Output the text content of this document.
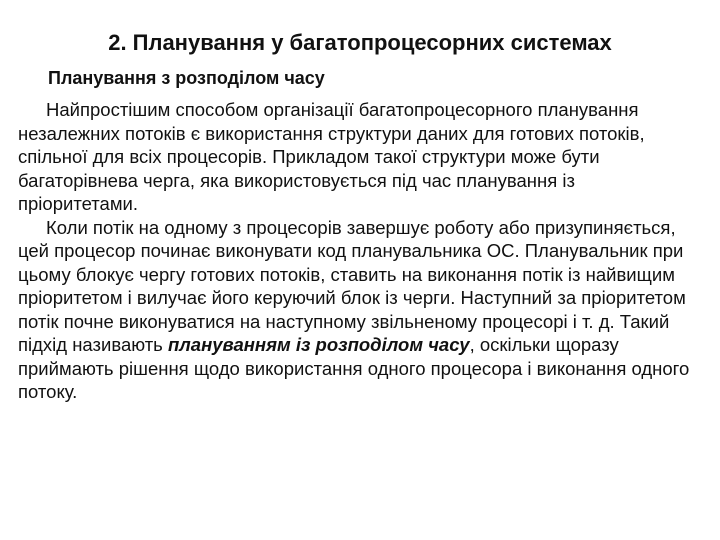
2. Планування у багатопроцесорних системах
Планування з розподілом часу

Найпростішим способом організації багатопроцесорного планування незалежних потоків є використання структури даних для готових потоків, спільної для всіх процесорів. Прикладом такої структури може бути багаторівнева черга, яка використовується під час планування із пріоритетами.

Коли потік на одному з процесорів завершує роботу або призупиняється, цей процесор починає виконувати код планувальника ОС. Планувальник при цьому блокує чергу готових потоків, ставить на виконання потік із найвищим пріоритетом і вилучає його керуючий блок із черги. Наступний за пріоритетом потік почне виконуватися на наступному звільненому процесорі і т. д. Такий підхід називають плануванням із розподілом часу, оскільки щоразу приймають рішення щодо використання одного процесора і виконання одного потоку.
